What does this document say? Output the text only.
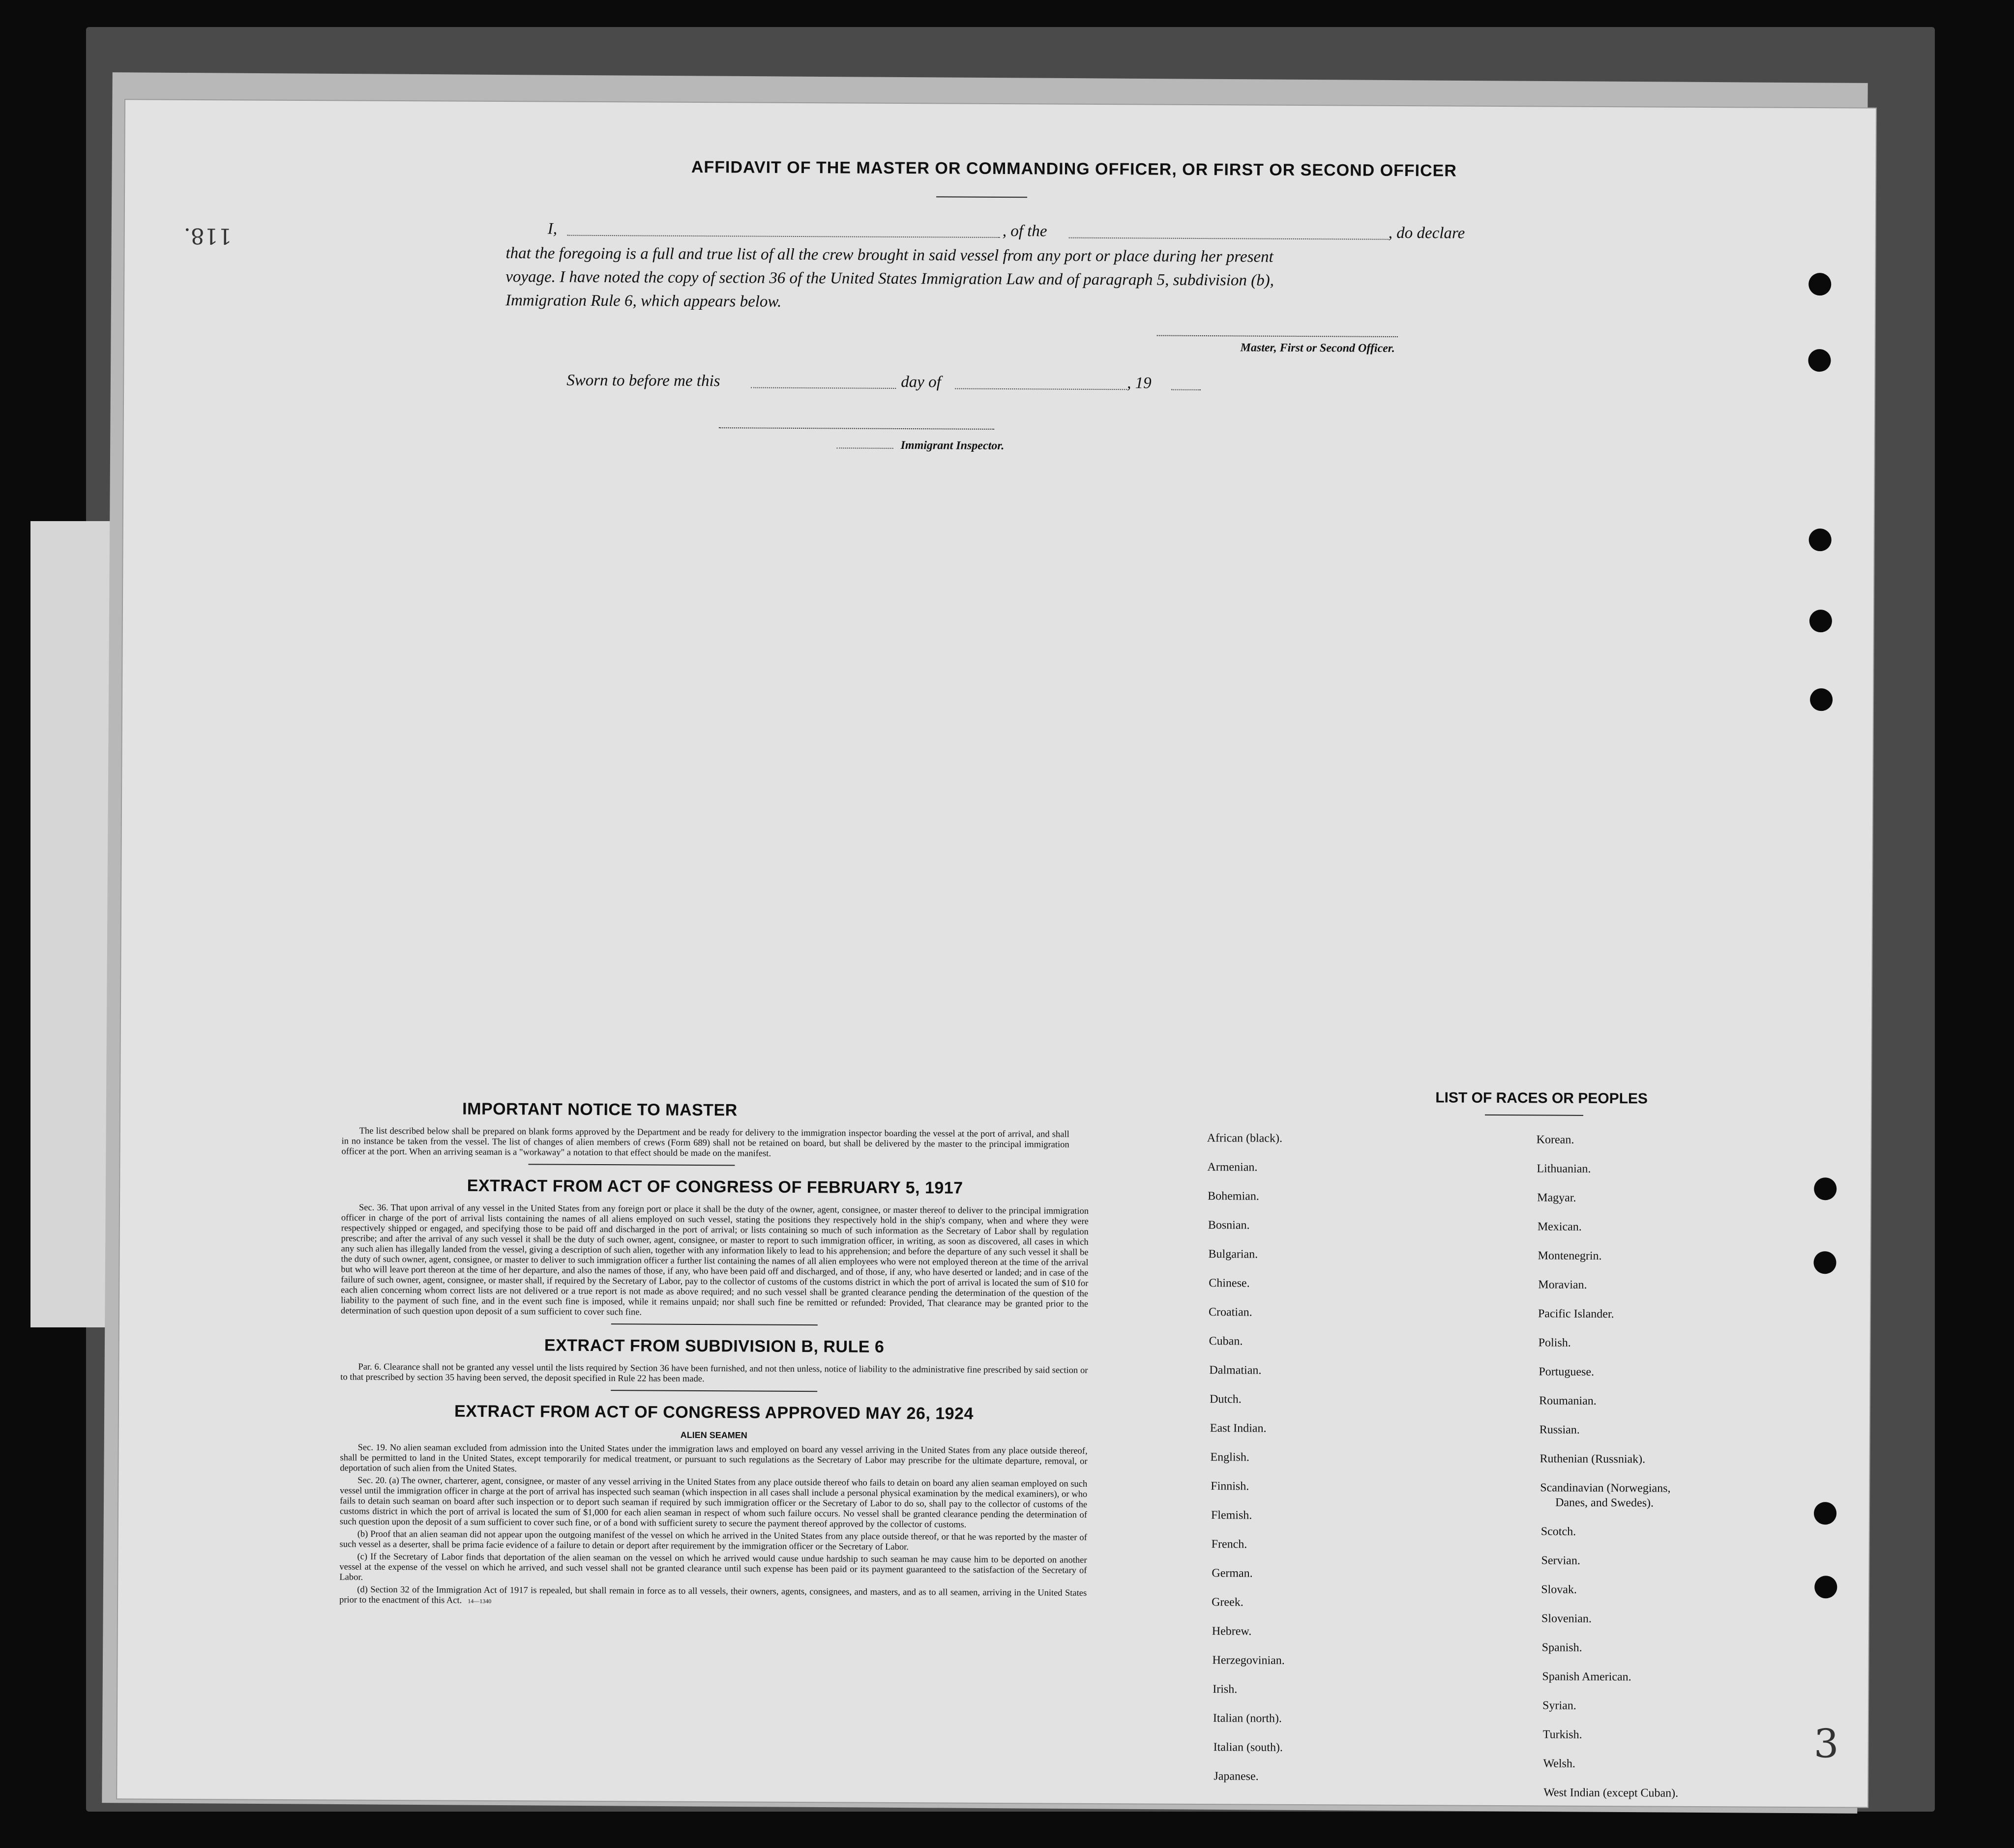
118.
3
AFFIDAVIT OF THE MASTER OR COMMANDING OFFICER, OR FIRST OR SECOND OFFICER
I,	, of the	, do declare
that the foregoing is a full and true list of all the crew brought in said vessel from any port or place during her present
voyage. I have noted the copy of section 36 of the United States Immigration Law and of paragraph 5, subdivision (b),
Immigration Rule 6, which appears below.
Master, First or Second Officer.
Sworn to before me this	day of	, 19
Immigrant Inspector.
IMPORTANT NOTICE TO MASTER

The list described below shall be prepared on blank forms approved by the Department and be ready for delivery to the immigration inspector boarding the vessel at the port of arrival, and shall in no instance be taken from the vessel. The list of changes of alien members of crews (Form 689) shall not be retained on board, but shall be delivered by the master to the principal immigration officer at the port. When an arriving seaman is a "workaway" a notation to that effect should be made on the manifest.

EXTRACT FROM ACT OF CONGRESS OF FEBRUARY 5, 1917

Sec. 36. That upon arrival of any vessel in the United States from any foreign port or place it shall be the duty of the owner, agent, consignee, or master thereof to deliver to the principal immigration officer in charge of the port of arrival lists containing the names of all aliens employed on such vessel, stating the positions they respectively hold in the ship's company, when and where they were respectively shipped or engaged, and specifying those to be paid off and discharged in the port of arrival; or lists containing so much of such information as the Secretary of Labor shall by regulation prescribe; and after the arrival of any such vessel it shall be the duty of such owner, agent, consignee, or master to report to such immigration officer, in writing, as soon as discovered, all cases in which any such alien has illegally landed from the vessel, giving a description of such alien, together with any information likely to lead to his apprehension; and before the departure of any such vessel it shall be the duty of such owner, agent, consignee, or master to deliver to such immigration officer a further list containing the names of all alien employees who were not employed thereon at the time of the arrival but who will leave port thereon at the time of her departure, and also the names of those, if any, who have been paid off and discharged, and of those, if any, who have deserted or landed; and in case of the failure of such owner, agent, consignee, or master shall, if required by the Secretary of Labor, pay to the collector of customs of the customs district in which the port of arrival is located the sum of $10 for each alien concerning whom correct lists are not delivered or a true report is not made as above required; and no such vessel shall be granted clearance pending the determination of the question of the liability to the payment of such fine, and in the event such fine is imposed, while it remains unpaid; nor shall such fine be remitted or refunded: Provided, That clearance may be granted prior to the determination of such question upon deposit of a sum sufficient to cover such fine.

EXTRACT FROM SUBDIVISION B, RULE 6

Par. 6. Clearance shall not be granted any vessel until the lists required by Section 36 have been furnished, and not then unless, notice of liability to the administrative fine prescribed by said section or to that prescribed by section 35 having been served, the deposit specified in Rule 22 has been made.

EXTRACT FROM ACT OF CONGRESS APPROVED MAY 26, 1924
ALIEN SEAMEN

Sec. 19. No alien seaman excluded from admission into the United States under the immigration laws and employed on board any vessel arriving in the United States from any place outside thereof, shall be permitted to land in the United States, except temporarily for medical treatment, or pursuant to such regulations as the Secretary of Labor may prescribe for the ultimate departure, removal, or deportation of such alien from the United States.

Sec. 20. (a) The owner, charterer, agent, consignee, or master of any vessel arriving in the United States from any place outside thereof who fails to detain on board any alien seaman employed on such vessel until the immigration officer in charge at the port of arrival has inspected such seaman (which inspection in all cases shall include a personal physical examination by the medical examiners), or who fails to detain such seaman on board after such inspection or to deport such seaman if required by such immigration officer or the Secretary of Labor to do so, shall pay to the collector of customs of the customs district in which the port of arrival is located the sum of $1,000 for each alien seaman in respect of whom such failure occurs. No vessel shall be granted clearance pending the determination of such question upon the deposit of a sum sufficient to cover such fine, or of a bond with sufficient surety to secure the payment thereof approved by the collector of customs.

(b) Proof that an alien seaman did not appear upon the outgoing manifest of the vessel on which he arrived in the United States from any place outside thereof, or that he was reported by the master of such vessel as a deserter, shall be prima facie evidence of a failure to detain or deport after requirement by the immigration officer or the Secretary of Labor.

(c) If the Secretary of Labor finds that deportation of the alien seaman on the vessel on which he arrived would cause undue hardship to such seaman he may cause him to be deported on another vessel at the expense of the vessel on which he arrived, and such vessel shall not be granted clearance until such expense has been paid or its payment guaranteed to the satisfaction of the Secretary of Labor.

(d) Section 32 of the Immigration Act of 1917 is repealed, but shall remain in force as to all vessels, their owners, agents, consignees, and masters, and as to all seamen, arriving in the United States prior to the enactment of this Act. 14—1340

LIST OF RACES OR PEOPLES
African (black).
Armenian.
Bohemian.
Bosnian.
Bulgarian.
Chinese.
Croatian.
Cuban.
Dalmatian.
Dutch.
East Indian.
English.
Finnish.
Flemish.
French.
German.
Greek.
Hebrew.
Herzegovinian.
Irish.
Italian (north).
Italian (south).
Japanese.
Korean.
Lithuanian.
Magyar.
Mexican.
Montenegrin.
Moravian.
Pacific Islander.
Polish.
Portuguese.
Roumanian.
Russian.
Ruthenian (Russniak).
Scandinavian (Norwegians,
Danes, and Swedes).
Scotch.
Servian.
Slovak.
Slovenian.
Spanish.
Spanish American.
Syrian.
Turkish.
Welsh.
West Indian (except Cuban).
